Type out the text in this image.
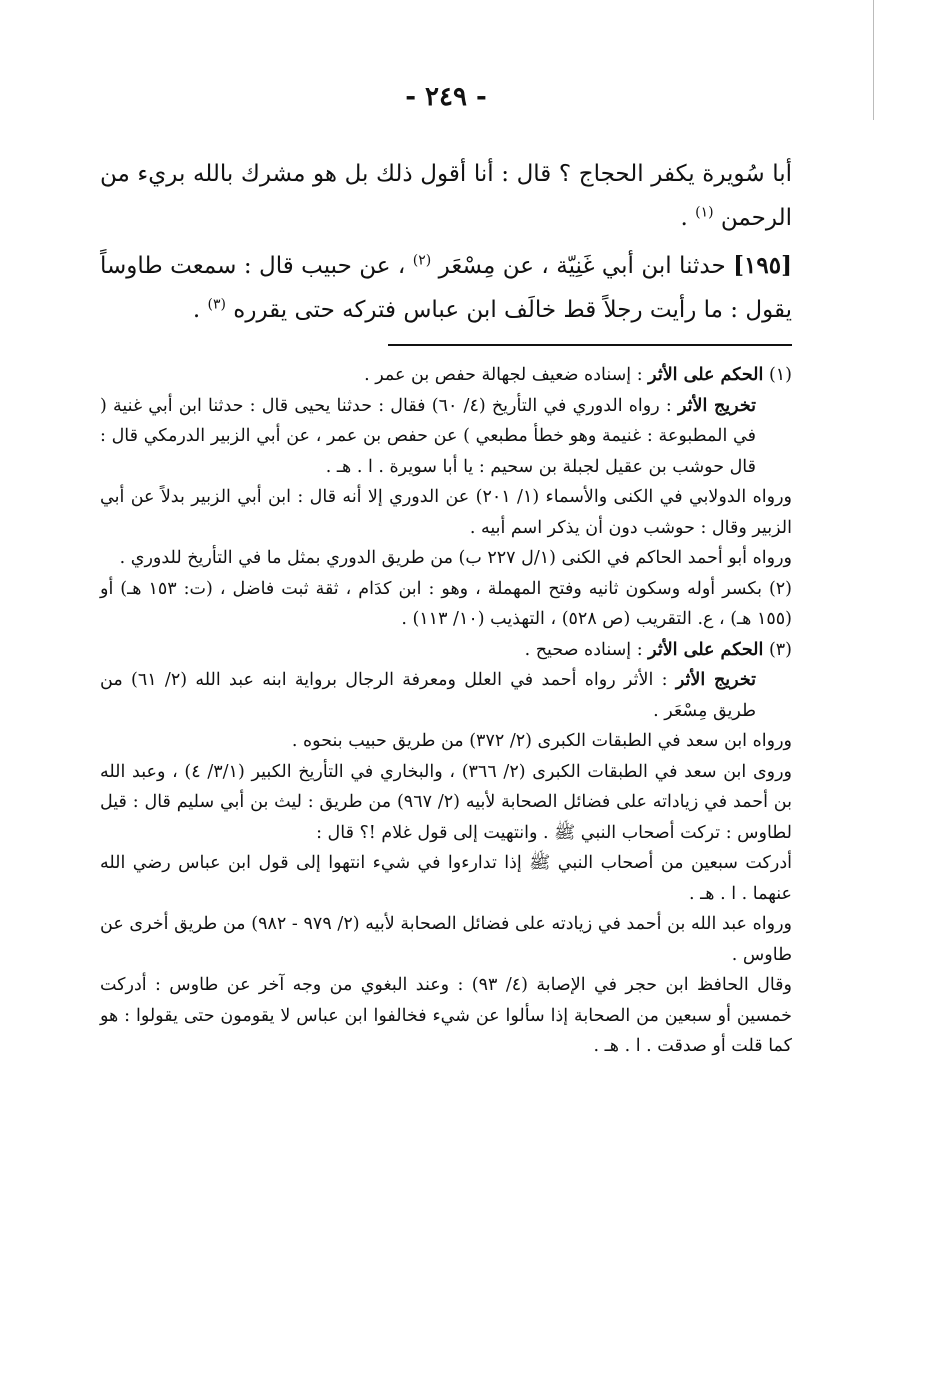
- ٢٤٩ -

أبا سُويرة يكفر الحجاج ؟ قال : أنا أقول ذلك بل هو مشرك بالله بريء من الرحمن $^{(١)}$ .

[١٩٥] حدثنا ابن أبي غَنِيّة ، عن مِسْعَر $^{(٢)}$ ، عن حبيب قال : سمعت طاوساً يقول : ما رأيت رجلاً قط خالَف ابن عباس فتركه حتى يقرره $^{(٣)}$ .

(١) الحكم على الأثر : إسناده ضعيف لجهالة حفص بن عمر .

تخريج الأثر : رواه الدوري في التأريخ (٤/ ٦٠) فقال : حدثنا يحيى قال : حدثنا ابن أبي غنية ( في المطبوعة : غنيمة وهو خطأ مطبعي ) عن حفص بن عمر ، عن أبي الزبير الدرمكي قال : قال حوشب بن عقيل لجبلة بن سحيم : يا أبا سويرة . ا . هـ .

ورواه الدولابي في الكنى والأسماء (١/ ٢٠١) عن الدوري إلا أنه قال : ابن أبي الزبير بدلاً عن أبي الزبير وقال : حوشب دون أن يذكر اسم أبيه .

ورواه أبو أحمد الحاكم في الكنى (١/ل ٢٢٧ ب) من طريق الدوري بمثل ما في التأريخ للدوري .

(٢) بكسر أوله وسكون ثانيه وفتح المهملة ، وهو : ابن كدَام ، ثقة ثبت فاضل ، (ت: ١٥٣ هـ) أو (١٥٥ هـ) ، ع. التقريب (ص ٥٢٨) ، التهذيب (١٠/ ١١٣) .

(٣) الحكم على الأثر : إسناده صحيح .

تخريج الأثر : الأثر رواه أحمد في العلل ومعرفة الرجال برواية ابنه عبد الله (٢/ ٦١) من طريق مِسْعَر .

ورواه ابن سعد في الطبقات الكبرى (٢/ ٣٧٢) من طريق حبيب بنحوه .

وروى ابن سعد في الطبقات الكبرى (٢/ ٣٦٦) ، والبخاري في التأريخ الكبير (٣/١/ ٤) ، وعبد الله بن أحمد في زياداته على فضائل الصحابة لأبيه (٢/ ٩٦٧) من طريق : ليث بن أبي سليم قال : قيل لطاوس : تركت أصحاب النبي ﷺ . وانتهيت إلى قول غلام !؟ قال :

أدركت سبعين من أصحاب النبي ﷺ إذا تدارءوا في شيء انتهوا إلى قول ابن عباس رضي الله عنهما . ا . هـ .

ورواه عبد الله بن أحمد في زيادته على فضائل الصحابة لأبيه (٢/ ٩٧٩ - ٩٨٢) من طريق أخرى عن طاوس .

وقال الحافظ ابن حجر في الإصابة (٤/ ٩٣) : وعند البغوي من وجه آخر عن طاوس : أدركت خمسين أو سبعين من الصحابة إذا سألوا عن شيء فخالفوا ابن عباس لا يقومون حتى يقولوا : هو كما قلت أو صدقت . ا . هـ .
